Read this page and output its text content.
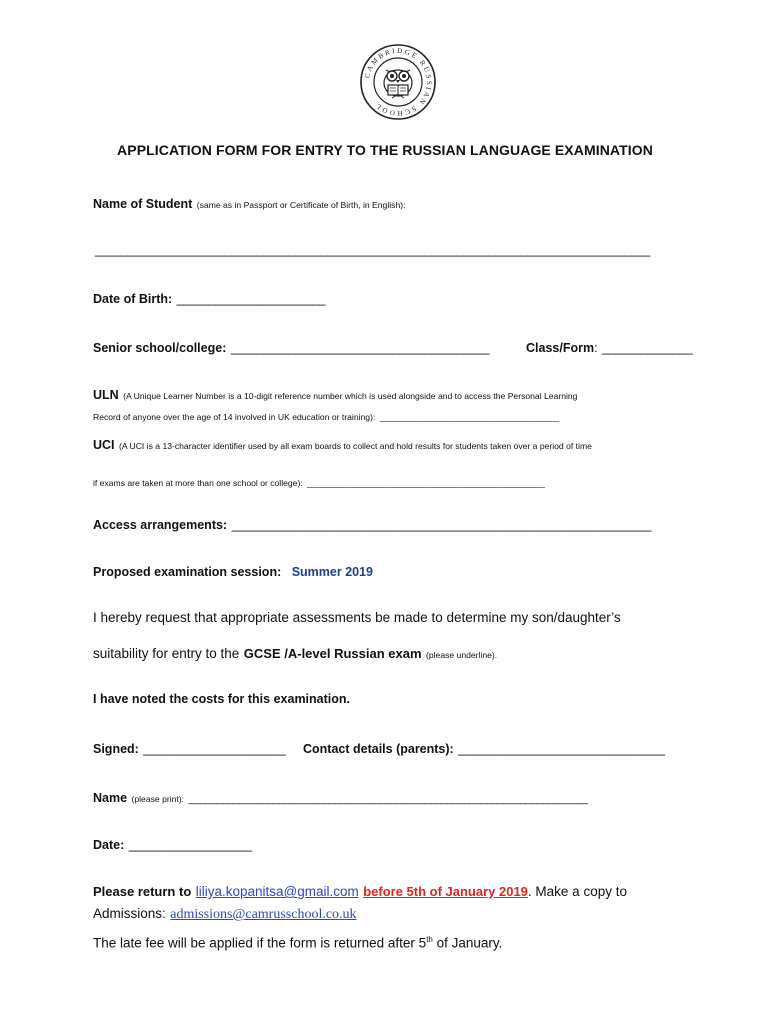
CAMBRIDGE RUSSIAN SCHOOL
APPLICATION FORM FOR ENTRY TO THE RUSSIAN LANGUAGE EXAMINATION
Name of Student (same as in Passport or Certificate of Birth, in English):
______________________________________________________________________________________
Date of Birth: _______________________
Senior school/college: ________________________________________	Class/Form: ______________
ULN (A Unique Learner Number is a 10-digit reference number which is used alongside and to access the Personal Learning
Record of anyone over the age of 14 involved in UK education or training): ________________________________________
UCI (A UCI is a 13-character identifier used by all exam boards to collect and hold results for students taken over a period of time
if exams are taken at more than one school or college): _____________________________________________________
Access arrangements: _________________________________________________________________
Proposed examination session: Summer 2019
I hereby request that appropriate assessments be made to determine my son/daughter’s
suitability for entry to the GCSE /A-level Russian exam (please underline).
I have noted the costs for this examination.
Signed: ______________________ Contact details (parents): ________________________________
Name (please print): _______________________________________________________________________
Date: ___________________
Please return to liliya.kopanitsa@gmail.com before 5th of January 2019. Make a copy to
Admissions: admissions@camrusschool.co.uk
The late fee will be applied if the form is returned after 5th of January.
